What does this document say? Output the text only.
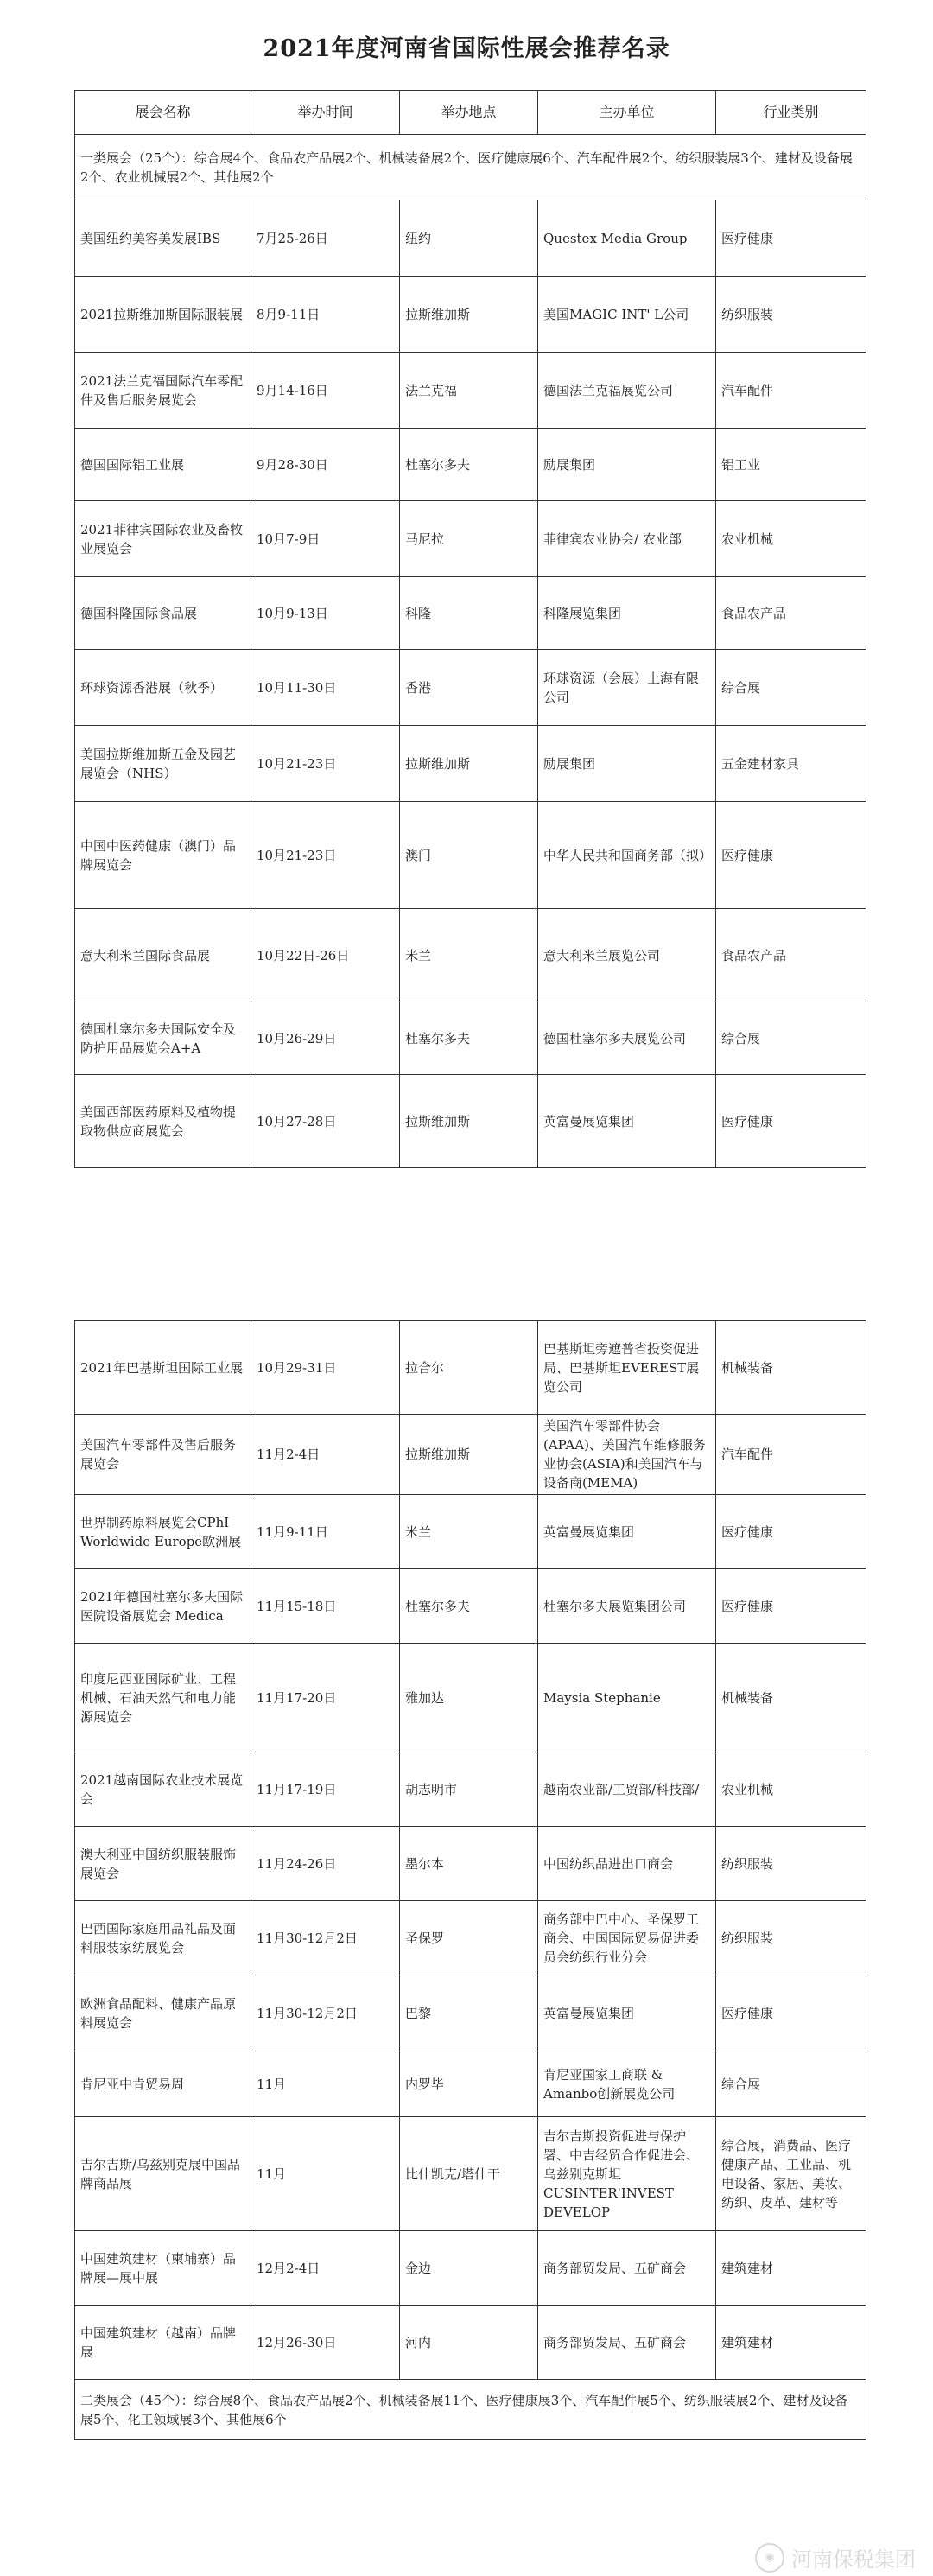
2021年度河南省国际性展会推荐名录
展会名称	举办时间	举办地点	主办单位	行业类别
一类展会（25个）：综合展4个、食品农产品展2个、机械装备展2个、医疗健康展6个、汽车配件展2个、纺织服装展3个、建材及设备展2个、农业机械展2个、其他展2个				
美国纽约美容美发展IBS	7月25-26日	纽约	Questex Media Group	医疗健康
2021拉斯维加斯国际服装展	8月9-11日	拉斯维加斯	美国MAGIC INT' L公司	纺织服装
2021法兰克福国际汽车零配件及售后服务展览会	9月14-16日	法兰克福	德国法兰克福展览公司	汽车配件
德国国际铝工业展	9月28-30日	杜塞尔多夫	励展集团	铝工业
2021菲律宾国际农业及畜牧业展览会	10月7-9日	马尼拉	菲律宾农业协会/ 农业部	农业机械
德国科隆国际食品展	10月9-13日	科隆	科隆展览集团	食品农产品
环球资源香港展（秋季）	10月11-30日	香港	环球资源（会展）上海有限公司	综合展
美国拉斯维加斯五金及园艺展览会（NHS）	10月21-23日	拉斯维加斯	励展集团	五金建材家具
中国中医药健康（澳门）品牌展览会	10月21-23日	澳门	中华人民共和国商务部（拟）	医疗健康
意大利米兰国际食品展	10月22日-26日	米兰	意大利米兰展览公司	食品农产品
德国杜塞尔多夫国际安全及防护用品展览会A+A	10月26-29日	杜塞尔多夫	德国杜塞尔多夫展览公司	综合展
美国西部医药原料及植物提取物供应商展览会	10月27-28日	拉斯维加斯	英富曼展览集团	医疗健康
2021年巴基斯坦国际工业展	10月29-31日	拉合尔	巴基斯坦旁遮普省投资促进局、巴基斯坦EVEREST展览公司	机械装备
美国汽车零部件及售后服务展览会	11月2-4日	拉斯维加斯	美国汽车零部件协会(APAA)、美国汽车维修服务业协会(ASIA)和美国汽车与设备商(MEMA)	汽车配件
世界制药原料展览会CPhI Worldwide Europe欧洲展	11月9-11日	米兰	英富曼展览集团	医疗健康
2021年德国杜塞尔多夫国际医院设备展览会 Medica	11月15-18日	杜塞尔多夫	杜塞尔多夫展览集团公司	医疗健康
印度尼西亚国际矿业、工程机械、石油天然气和电力能源展览会	11月17-20日	雅加达	Maysia Stephanie	机械装备
2021越南国际农业技术展览会	11月17-19日	胡志明市	越南农业部/工贸部/科技部/	农业机械
澳大利亚中国纺织服装服饰展览会	11月24-26日	墨尔本	中国纺织品进出口商会	纺织服装
巴西国际家庭用品礼品及面料服装家纺展览会	11月30-12月2日	圣保罗	商务部中巴中心、圣保罗工商会、中国国际贸易促进委员会纺织行业分会	纺织服装
欧洲食品配料、健康产品原料展览会	11月30-12月2日	巴黎	英富曼展览集团	医疗健康
肯尼亚中肯贸易周	11月	内罗毕	肯尼亚国家工商联 & Amanbo创新展览公司	综合展
吉尔吉斯/乌兹别克展中国品牌商品展	11月	比什凯克/塔什干	吉尔吉斯投资促进与保护署、中吉经贸合作促进会、乌兹别克斯坦CUSINTER'INVEST DEVELOP	综合展，消费品、医疗健康产品、工业品、机电设备、家居、美妆、纺织、皮革、建材等
中国建筑建材（柬埔寨）品牌展—展中展	12月2-4日	金边	商务部贸发局、五矿商会	建筑建材
中国建筑建材（越南）品牌展	12月26-30日	河内	商务部贸发局、五矿商会	建筑建材
二类展会（45个）：综合展8个、食品农产品展2个、机械装备展11个、医疗健康展3个、汽车配件展5个、纺织服装展2个、建材及设备展5个、化工领域展3个、其他展6个				
◉ 河南保税集团
